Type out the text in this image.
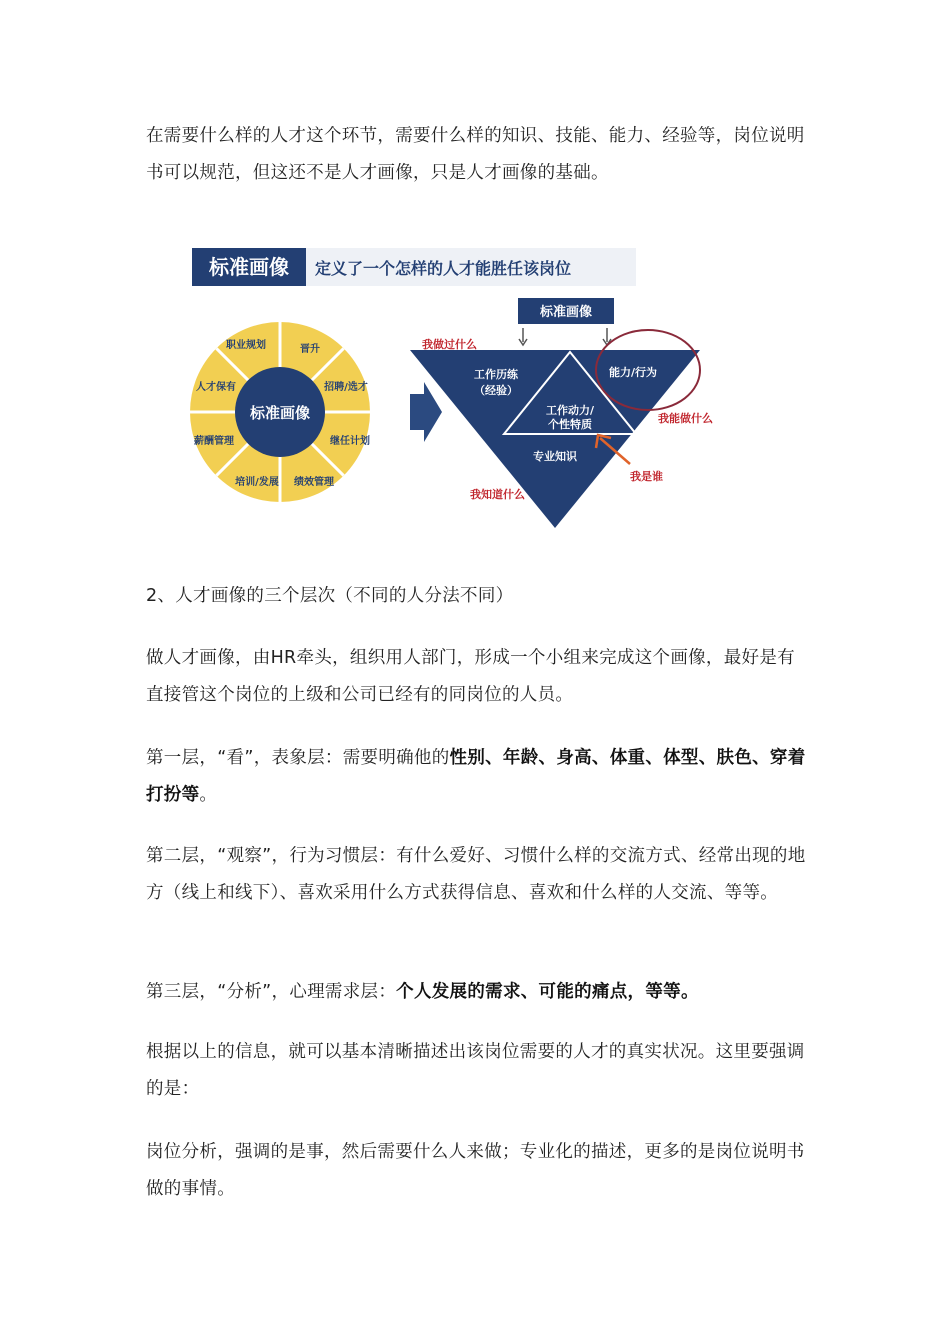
在需要什么样的人才这个环节，需要什么样的知识、技能、能力、经验等，岗位说明书可以规范，但这还不是人才画像，只是人才画像的基础。

标准画像 定义了一个怎样的人才能胜任该岗位
标准画像
职业规划	晋升
招聘/选才
继任计划
绩效管理
培训/发展
薪酬管理
人才保有
标准画像
工作历练
（经验）
能力/行为
工作动力/
个性特质
专业知识
我做过什么
我能做什么
我是谁
我知道什么

2、人才画像的三个层次（不同的人分法不同）

做人才画像，由HR牵头，组织用人部门，形成一个小组来完成这个画像，最好是有直接管这个岗位的上级和公司已经有的同岗位的人员。

第一层，“看”，表象层：需要明确他的性别、年龄、身高、体重、体型、肤色、穿着打扮等。

第二层，“观察”，行为习惯层：有什么爱好、习惯什么样的交流方式、经常出现的地方（线上和线下）、喜欢采用什么方式获得信息、喜欢和什么样的人交流、等等。

第三层，“分析”，心理需求层：个人发展的需求、可能的痛点，等等。

根据以上的信息，就可以基本清晰描述出该岗位需要的人才的真实状况。这里要强调的是：

岗位分析，强调的是事，然后需要什么人来做；专业化的描述，更多的是岗位说明书做的事情。
